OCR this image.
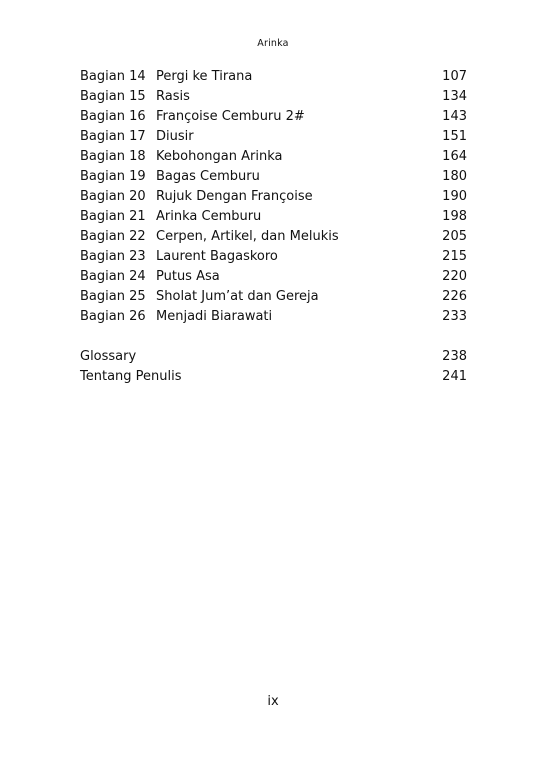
Arinka
Bagian 14 Pergi ke Tirana	107
Bagian 15 Rasis	134
Bagian 16 Françoise Cemburu 2#	143
Bagian 17 Diusir	151
Bagian 18 Kebohongan Arinka	164
Bagian 19 Bagas Cemburu	180
Bagian 20 Rujuk Dengan Françoise	190
Bagian 21 Arinka Cemburu	198
Bagian 22 Cerpen, Artikel, dan Melukis	205
Bagian 23 Laurent Bagaskoro	215
Bagian 24 Putus Asa	220
Bagian 25 Sholat Jum’at dan Gereja	226
Bagian 26 Menjadi Biarawati	233
Glossary	238
Tentang Penulis	241
ix
